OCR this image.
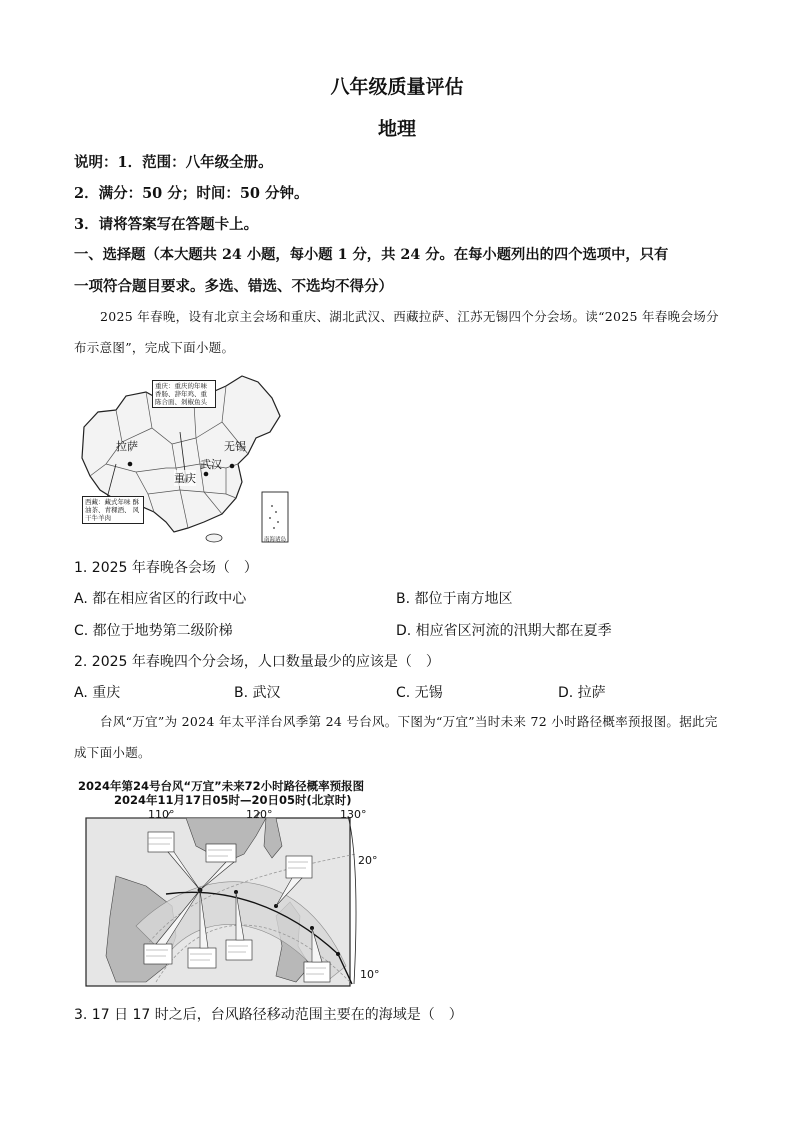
八年级质量评估
地理
说明：1．范围：八年级全册。
2．满分：50 分；时间：50 分钟。
3．请将答案写在答题卡上。
一、选择题（本大题共 24 小题，每小题 1 分，共 24 分。在每小题列出的四个选项中，只有
一项符合题目要求。多选、错选、不选均不得分）
2025 年春晚，设有北京主会场和重庆、湖北武汉、西藏拉萨、江苏无锡四个分会场。读“2025 年春晚会场分布示意图”，完成下面小题。
重庆：重庆的年味 香肠、辞年鸡、重 陈合面、剁椒鱼头
西藏：藏式年味 酥油茶、青稞酒、 风干牛羊肉
拉萨
重庆
武汉
无锡
南海诸岛
1. 2025 年春晚各会场（　）
A. 都在相应省区的行政中心	B. 都位于南方地区
C. 都位于地势第二级阶梯	D. 相应省区河流的汛期大都在夏季
2. 2025 年春晚四个分会场，人口数量最少的应该是（　）
A. 重庆	B. 武汉	C. 无锡	D. 拉萨
台风“万宜”为 2024 年太平洋台风季第 24 号台风。下图为“万宜”当时未来 72 小时路径概率预报图。据此完成下面小题。
2024年第24号台风“万宜”未来72小时路径概率预报图
2024年11月17日05时—20日05时(北京时)
110°	120°	130°
20°
10°
3. 17 日 17 时之后，台风路径移动范围主要在的海域是（　）
